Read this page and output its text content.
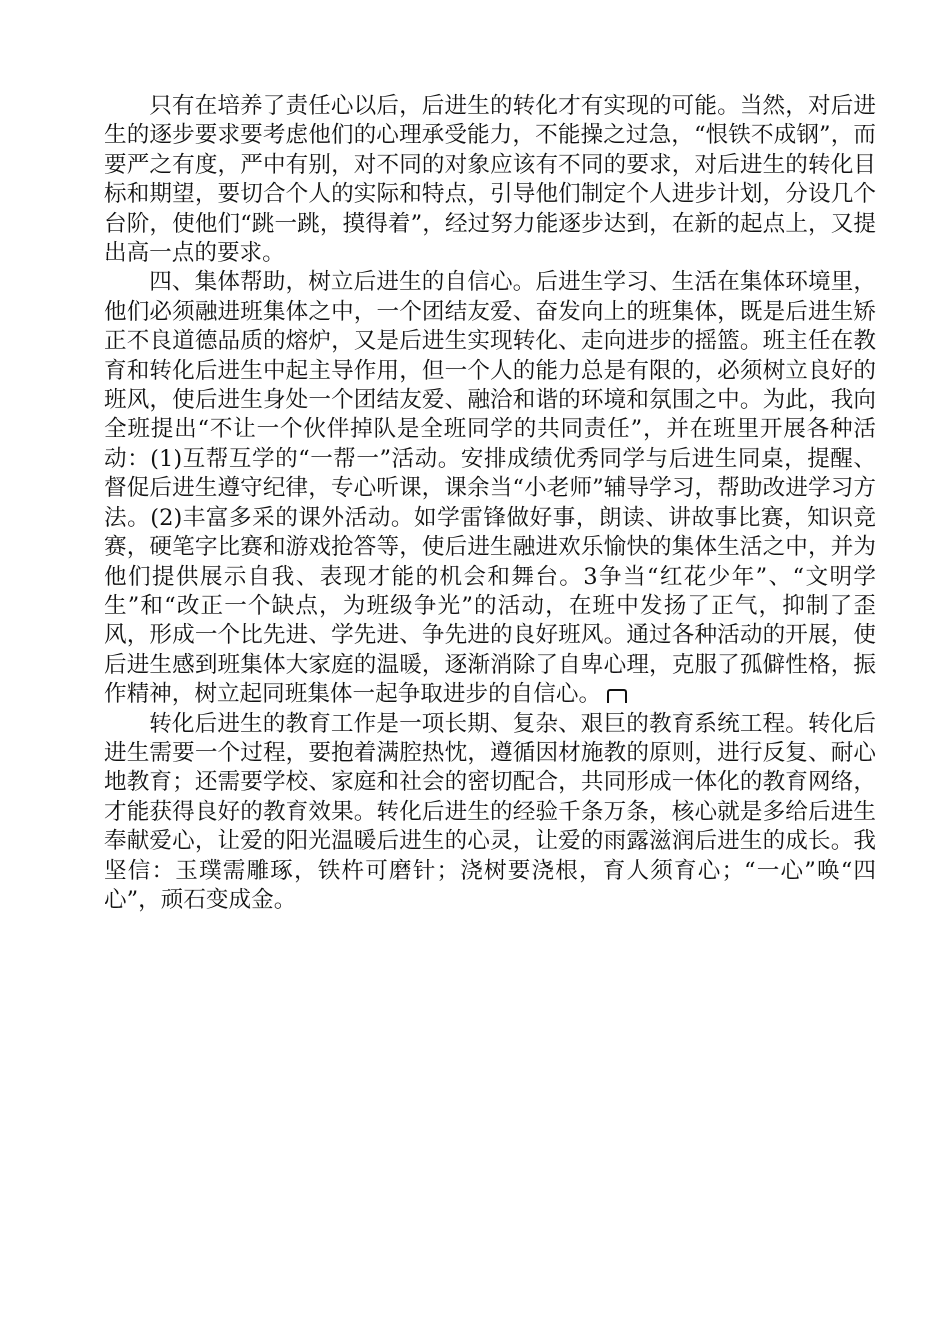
只有在培养了责任心以后，后进生的转化才有实现的可能。当然，对后进生的逐步要求要考虑他们的心理承受能力，不能操之过急，“恨铁不成钢”，而要严之有度，严中有别，对不同的对象应该有不同的要求，对后进生的转化目标和期望，要切合个人的实际和特点，引导他们制定个人进步计划，分设几个台阶，使他们“跳一跳，摸得着”，经过努力能逐步达到，在新的起点上，又提出高一点的要求。

四、集体帮助，树立后进生的自信心。后进生学习、生活在集体环境里，他们必须融进班集体之中，一个团结友爱、奋发向上的班集体，既是后进生矫正不良道德品质的熔炉，又是后进生实现转化、走向进步的摇篮。班主任在教育和转化后进生中起主导作用，但一个人的能力总是有限的，必须树立良好的班风，使后进生身处一个团结友爱、融洽和谐的环境和氛围之中。为此，我向全班提出“不让一个伙伴掉队是全班同学的共同责任”，并在班里开展各种活动：(1)互帮互学的“一帮一”活动。安排成绩优秀同学与后进生同桌，提醒、督促后进生遵守纪律，专心听课，课余当“小老师”辅导学习，帮助改进学习方法。(2)丰富多采的课外活动。如学雷锋做好事，朗读、讲故事比赛，知识竞赛，硬笔字比赛和游戏抢答等，使后进生融进欢乐愉快的集体生活之中，并为他们提供展示自我、表现才能的机会和舞台。3争当“红花少年”、“文明学生”和“改正一个缺点，为班级争光”的活动，在班中发扬了正气，抑制了歪风，形成一个比先进、学先进、争先进的良好班风。通过各种活动的开展，使后进生感到班集体大家庭的温暖，逐渐消除了自卑心理，克服了孤僻性格，振作精神，树立起同班集体一起争取进步的自信心。

转化后进生的教育工作是一项长期、复杂、艰巨的教育系统工程。转化后进生需要一个过程，要抱着满腔热忱，遵循因材施教的原则，进行反复、耐心地教育；还需要学校、家庭和社会的密切配合，共同形成一体化的教育网络，才能获得良好的教育效果。转化后进生的经验千条万条，核心就是多给后进生奉献爱心，让爱的阳光温暖后进生的心灵，让爱的雨露滋润后进生的成长。我坚信：玉璞需雕琢，铁杵可磨针；浇树要浇根，育人须育心；“一心”唤“四心”，顽石变成金。
